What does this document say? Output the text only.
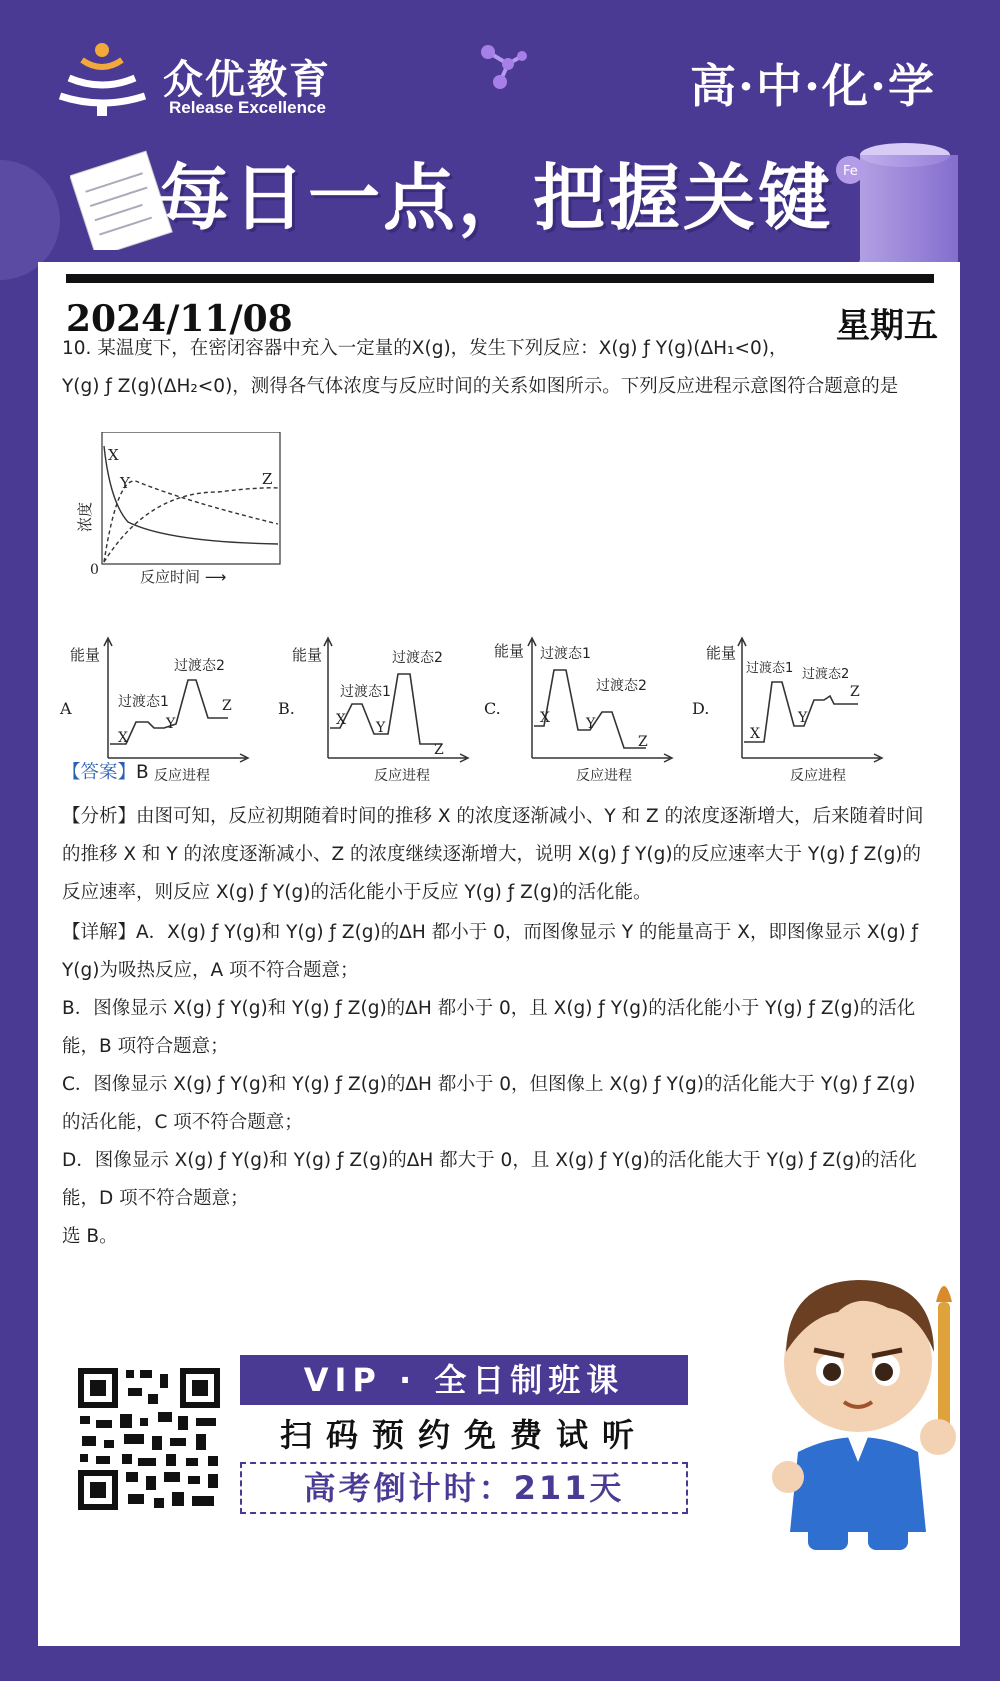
众优教育
Release Excellence	高·中·化·学
每日一点，把握关键 Fe
2024/11/08	星期五
10. 某温度下，在密闭容器中充入一定量的X(g)，发生下列反应：X(g) ƒ Y(g)(ΔH₁<0)，
Y(g) ƒ Z(g)(ΔH₂<0)，测得各气体浓度与反应时间的关系如图所示。下列反应进程示意图符合题意的是
X
Y	Z
0
浓度
反应时间 ⟶
A
能量
过渡态1
过渡态2
X
Y
Z
反应进程
B.
能量
过渡态1
过渡态2
X Y
Z
反应进程
C.
能量 过渡态1
过渡态2
X	Y
Z
反应进程
D.
能量
过渡态1 过渡态2
X
Y
Z
反应进程
【答案】B
【分析】由图可知，反应初期随着时间的推移 X 的浓度逐渐减小、Y 和 Z 的浓度逐渐增大，后来随着时间
的推移 X 和 Y 的浓度逐渐减小、Z 的浓度继续逐渐增大，说明 X(g) ƒ Y(g)的反应速率大于 Y(g) ƒ Z(g)的
反应速率，则反应 X(g) ƒ Y(g)的活化能小于反应 Y(g) ƒ Z(g)的活化能。
【详解】A．X(g) ƒ Y(g)和 Y(g) ƒ Z(g)的ΔH 都小于 0，而图像显示 Y 的能量高于 X，即图像显示 X(g) ƒ
Y(g)为吸热反应，A 项不符合题意；
B．图像显示 X(g) ƒ Y(g)和 Y(g) ƒ Z(g)的ΔH 都小于 0，且 X(g) ƒ Y(g)的活化能小于 Y(g) ƒ Z(g)的活化
能，B 项符合题意；
C．图像显示 X(g) ƒ Y(g)和 Y(g) ƒ Z(g)的ΔH 都小于 0，但图像上 X(g) ƒ Y(g)的活化能大于 Y(g) ƒ Z(g)
的活化能，C 项不符合题意；
D．图像显示 X(g) ƒ Y(g)和 Y(g) ƒ Z(g)的ΔH 都大于 0，且 X(g) ƒ Y(g)的活化能大于 Y(g) ƒ Z(g)的活化
能，D 项不符合题意；
选 B。
VIP · 全日制班课
扫码预约免费试听
高考倒计时：211天
